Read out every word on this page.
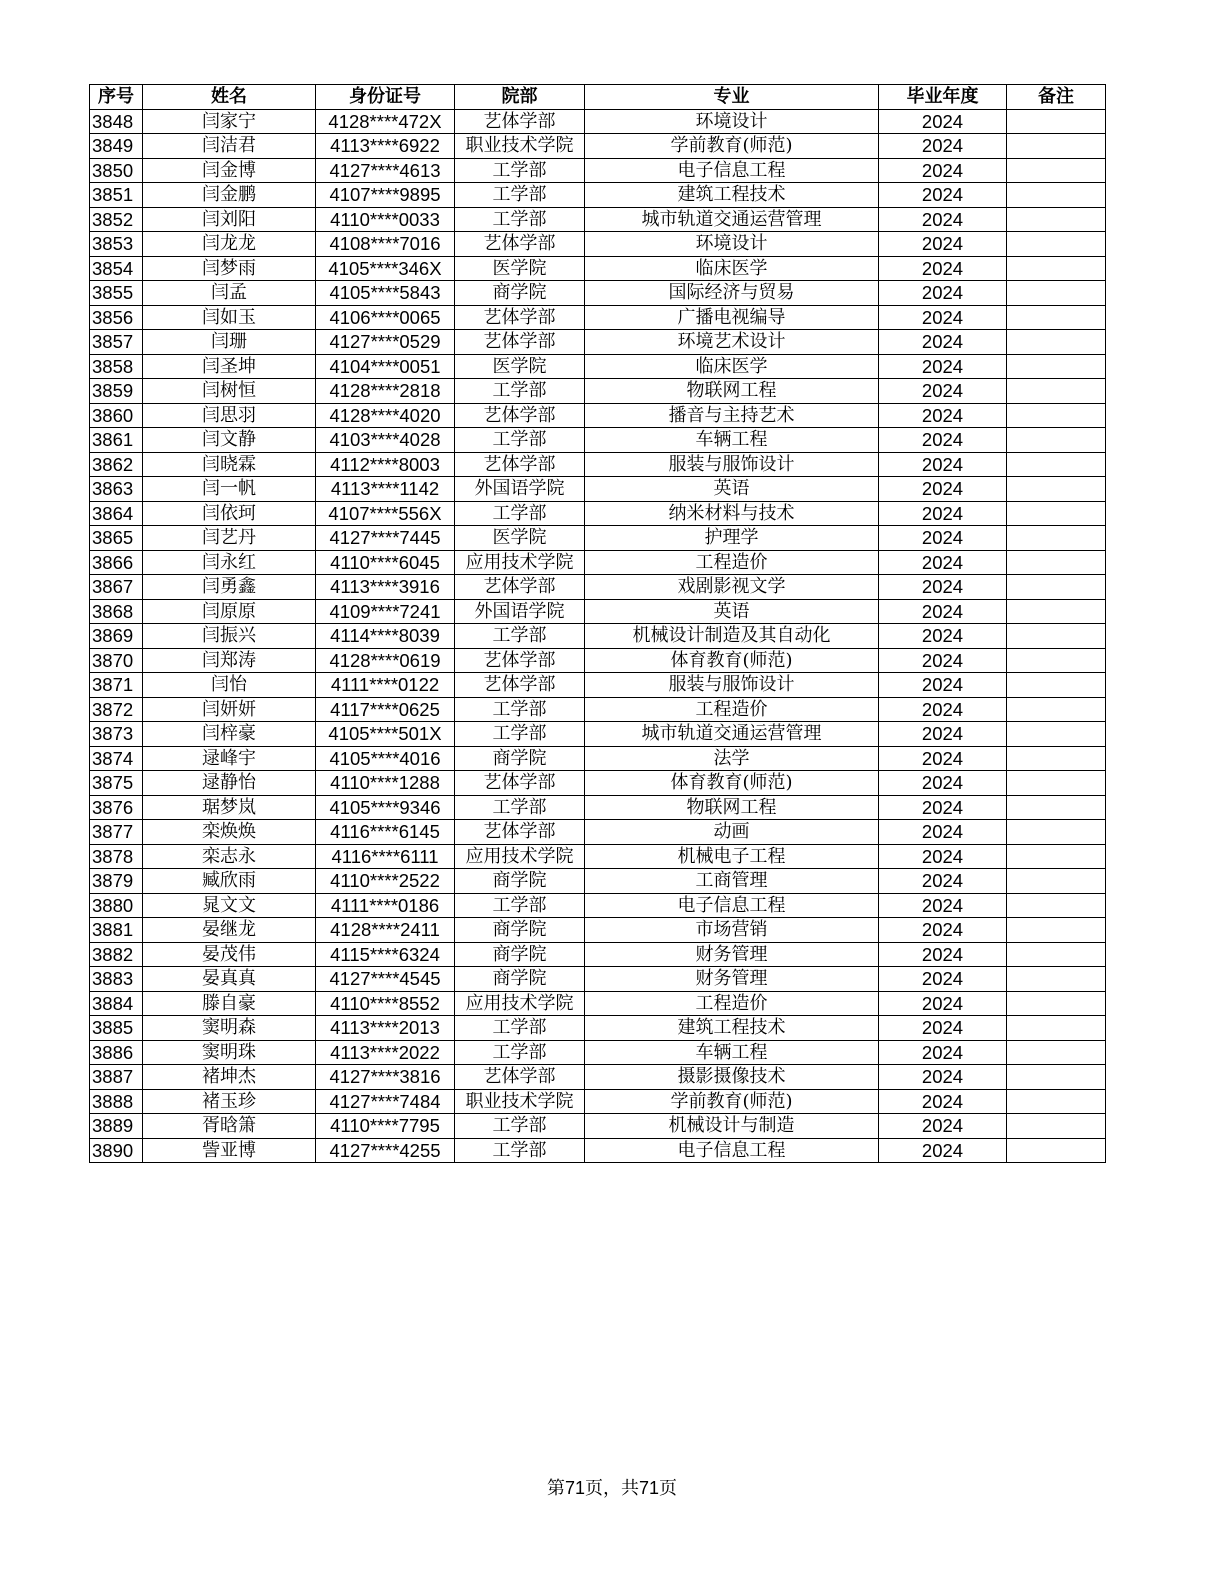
序号	姓名	身份证号	院部	专业	毕业年度	备注
3848	闫家宁	4128****472X	艺体学部	环境设计	2024	
3849	闫洁君	4113****6922	职业技术学院	学前教育(师范)	2024	
3850	闫金博	4127****4613	工学部	电子信息工程	2024	
3851	闫金鹏	4107****9895	工学部	建筑工程技术	2024	
3852	闫刘阳	4110****0033	工学部	城市轨道交通运营管理	2024	
3853	闫龙龙	4108****7016	艺体学部	环境设计	2024	
3854	闫梦雨	4105****346X	医学院	临床医学	2024	
3855	闫孟	4105****5843	商学院	国际经济与贸易	2024	
3856	闫如玉	4106****0065	艺体学部	广播电视编导	2024	
3857	闫珊	4127****0529	艺体学部	环境艺术设计	2024	
3858	闫圣坤	4104****0051	医学院	临床医学	2024	
3859	闫树恒	4128****2818	工学部	物联网工程	2024	
3860	闫思羽	4128****4020	艺体学部	播音与主持艺术	2024	
3861	闫文静	4103****4028	工学部	车辆工程	2024	
3862	闫晓霖	4112****8003	艺体学部	服装与服饰设计	2024	
3863	闫一帆	4113****1142	外国语学院	英语	2024	
3864	闫依珂	4107****556X	工学部	纳米材料与技术	2024	
3865	闫艺丹	4127****7445	医学院	护理学	2024	
3866	闫永红	4110****6045	应用技术学院	工程造价	2024	
3867	闫勇鑫	4113****3916	艺体学部	戏剧影视文学	2024	
3868	闫原原	4109****7241	外国语学院	英语	2024	
3869	闫振兴	4114****8039	工学部	机械设计制造及其自动化	2024	
3870	闫郑涛	4128****0619	艺体学部	体育教育(师范)	2024	
3871	闫怡	4111****0122	艺体学部	服装与服饰设计	2024	
3872	闫妍妍	4117****0625	工学部	工程造价	2024	
3873	闫梓豪	4105****501X	工学部	城市轨道交通运营管理	2024	
3874	逯峰宇	4105****4016	商学院	法学	2024	
3875	逯静怡	4110****1288	艺体学部	体育教育(师范)	2024	
3876	琚梦岚	4105****9346	工学部	物联网工程	2024	
3877	栾焕焕	4116****6145	艺体学部	动画	2024	
3878	栾志永	4116****6111	应用技术学院	机械电子工程	2024	
3879	臧欣雨	4110****2522	商学院	工商管理	2024	
3880	晁文文	4111****0186	工学部	电子信息工程	2024	
3881	晏继龙	4128****2411	商学院	市场营销	2024	
3882	晏茂伟	4115****6324	商学院	财务管理	2024	
3883	晏真真	4127****4545	商学院	财务管理	2024	
3884	滕自豪	4110****8552	应用技术学院	工程造价	2024	
3885	窦明森	4113****2013	工学部	建筑工程技术	2024	
3886	窦明珠	4113****2022	工学部	车辆工程	2024	
3887	褚坤杰	4127****3816	艺体学部	摄影摄像技术	2024	
3888	褚玉珍	4127****7484	职业技术学院	学前教育(师范)	2024	
3889	胥晗箫	4110****7795	工学部	机械设计与制造	2024	
3890	訾亚博	4127****4255	工学部	电子信息工程	2024	
第71页，共71页
